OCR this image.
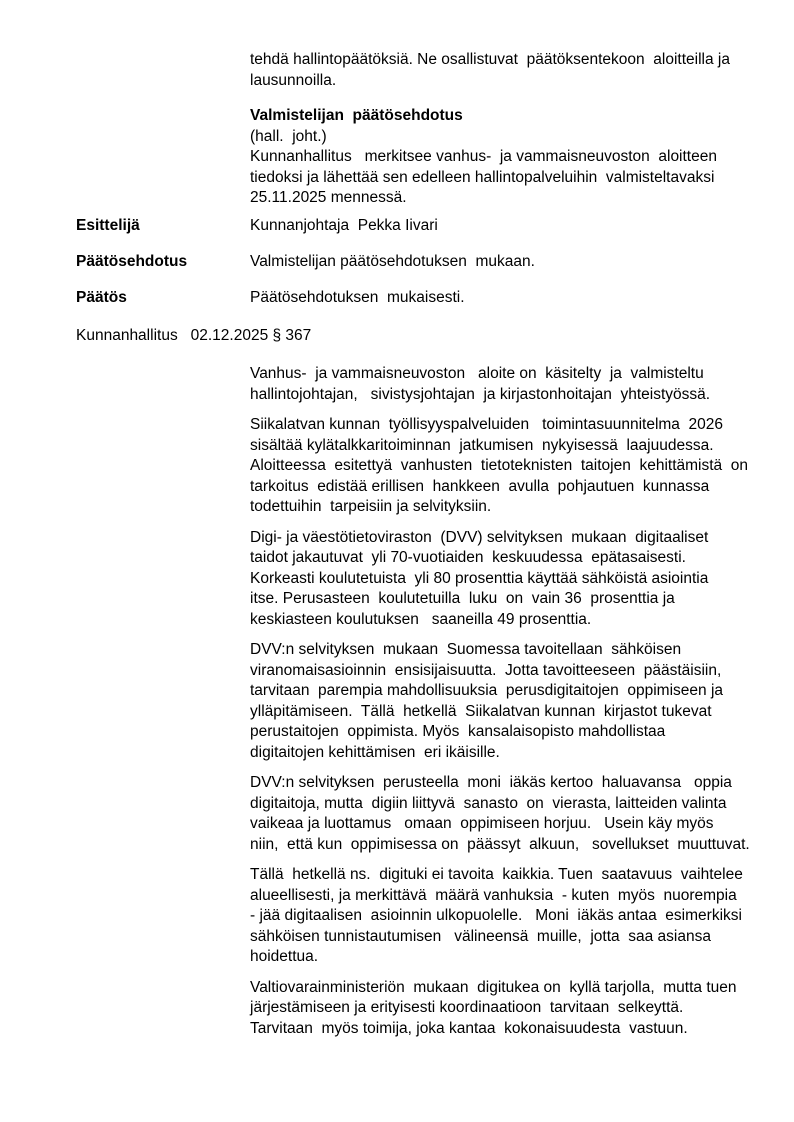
tehdä hallintopäätöksiä. Ne osallistuvat  päätöksentekoon  aloitteilla ja
lausunnoilla.
Valmistelijan  päätösehdotus
(hall.  joht.)
Kunnanhallitus   merkitsee vanhus-  ja vammaisneuvoston  aloitteen
tiedoksi ja lähettää sen edelleen hallintopalveluihin  valmisteltavaksi
25.11.2025 mennessä.
Esittelijä	Kunnanjohtaja  Pekka Iivari
Päätösehdotus	Valmistelijan päätösehdotuksen  mukaan.
Päätös	Päätösehdotuksen  mukaisesti.
Kunnanhallitus   02.12.2025 § 367
Vanhus-  ja vammaisneuvoston   aloite on  käsitelty  ja  valmisteltu
hallintojohtajan,   sivistysjohtajan  ja kirjastonhoitajan  yhteistyössä.
Siikalatvan kunnan  työllisyyspalveluiden   toimintasuunnitelma  2026
sisältää kylätalkkaritoiminnan  jatkumisen  nykyisessä  laajuudessa.
Aloitteessa  esitettyä  vanhusten  tietoteknisten  taitojen  kehittämistä  on
tarkoitus  edistää erillisen  hankkeen  avulla  pohjautuen  kunnassa
todettuihin  tarpeisiin ja selvityksiin.
Digi- ja väestötietoviraston  (DVV) selvityksen  mukaan  digitaaliset
taidot jakautuvat  yli 70-vuotiaiden  keskuudessa  epätasaisesti.
Korkeasti koulutetuista  yli 80 prosenttia käyttää sähköistä asiointia
itse. Perusasteen  koulutetuilla  luku  on  vain 36  prosenttia ja
keskiasteen koulutuksen   saaneilla 49 prosenttia.
DVV:n selvityksen  mukaan  Suomessa tavoitellaan  sähköisen
viranomaisasioinnin  ensisijaisuutta.  Jotta tavoitteeseen  päästäisiin,
tarvitaan  parempia mahdollisuuksia  perusdigitaitojen  oppimiseen ja
ylläpitämiseen.  Tällä  hetkellä  Siikalatvan kunnan  kirjastot tukevat
perustaitojen  oppimista. Myös  kansalaisopisto mahdollistaa
digitaitojen kehittämisen  eri ikäisille.
DVV:n selvityksen  perusteella  moni  iäkäs kertoo  haluavansa   oppia
digitaitoja, mutta  digiin liittyvä  sanasto  on  vierasta, laitteiden valinta
vaikeaa ja luottamus   omaan  oppimiseen horjuu.   Usein käy myös
niin,  että kun  oppimisessa on  päässyt  alkuun,   sovellukset  muuttuvat.
Tällä  hetkellä ns.  digituki ei tavoita  kaikkia. Tuen  saatavuus  vaihtelee
alueellisesti, ja merkittävä  määrä vanhuksia  - kuten  myös  nuorempia
- jää digitaalisen  asioinnin ulkopuolelle.   Moni  iäkäs antaa  esimerkiksi
sähköisen tunnistautumisen   välineensä  muille,  jotta  saa asiansa
hoidettua.
Valtiovarainministeriön  mukaan  digitukea on  kyllä tarjolla,  mutta tuen
järjestämiseen ja erityisesti koordinaatioon  tarvitaan  selkeyttä.
Tarvitaan  myös toimija, joka kantaa  kokonaisuudesta  vastuun.
